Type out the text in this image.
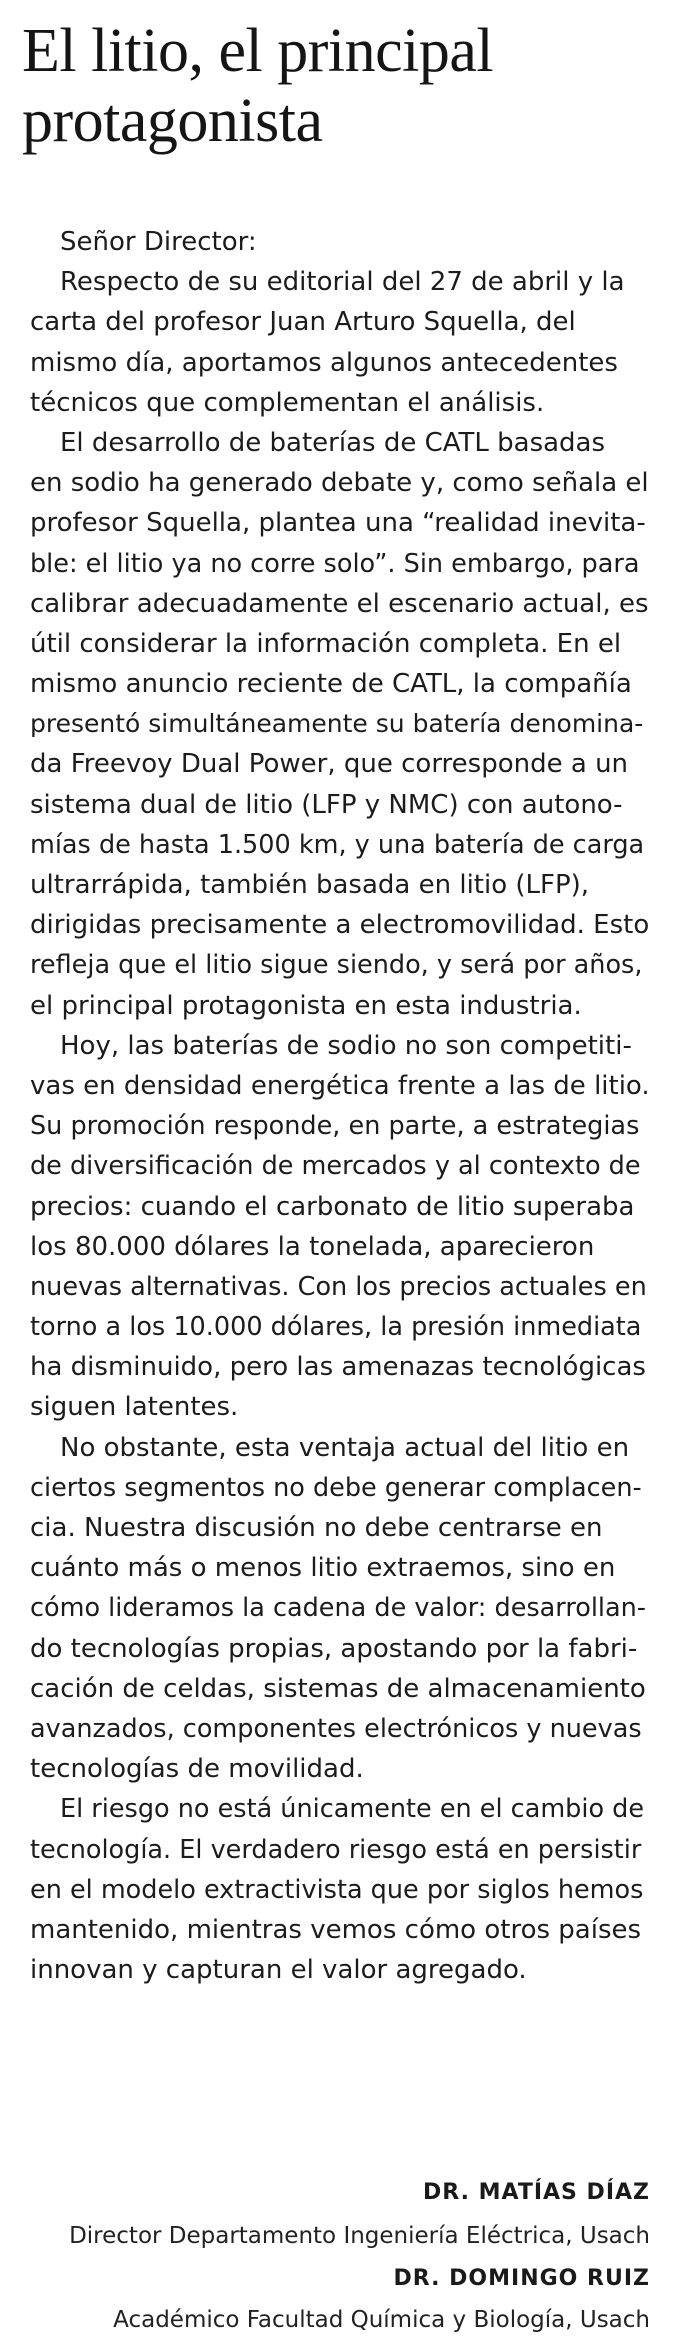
El litio, el principal
protagonista
Señor Director:
Respecto de su editorial del 27 de abril y la
carta del profesor Juan Arturo Squella, del
mismo día, aportamos algunos antecedentes
técnicos que complementan el análisis.
El desarrollo de baterías de CATL basadas
en sodio ha generado debate y, como señala el
profesor Squella, plantea una “realidad inevita-
ble: el litio ya no corre solo”. Sin embargo, para
calibrar adecuadamente el escenario actual, es
útil considerar la información completa. En el
mismo anuncio reciente de CATL, la compañía
presentó simultáneamente su batería denomina-
da Freevoy Dual Power, que corresponde a un
sistema dual de litio (LFP y NMC) con autono-
mías de hasta 1.500 km, y una batería de carga
ultrarrápida, también basada en litio (LFP),
dirigidas precisamente a electromovilidad. Esto
refleja que el litio sigue siendo, y será por años,
el principal protagonista en esta industria.
Hoy, las baterías de sodio no son competiti-
vas en densidad energética frente a las de litio.
Su promoción responde, en parte, a estrategias
de diversificación de mercados y al contexto de
precios: cuando el carbonato de litio superaba
los 80.000 dólares la tonelada, aparecieron
nuevas alternativas. Con los precios actuales en
torno a los 10.000 dólares, la presión inmediata
ha disminuido, pero las amenazas tecnológicas
siguen latentes.
No obstante, esta ventaja actual del litio en
ciertos segmentos no debe generar complacen-
cia. Nuestra discusión no debe centrarse en
cuánto más o menos litio extraemos, sino en
cómo lideramos la cadena de valor: desarrollan-
do tecnologías propias, apostando por la fabri-
cación de celdas, sistemas de almacenamiento
avanzados, componentes electrónicos y nuevas
tecnologías de movilidad.
El riesgo no está únicamente en el cambio de
tecnología. El verdadero riesgo está en persistir
en el modelo extractivista que por siglos hemos
mantenido, mientras vemos cómo otros países
innovan y capturan el valor agregado.
DR. MATÍAS DÍAZ
Director Departamento Ingeniería Eléctrica, Usach
DR. DOMINGO RUIZ
Académico Facultad Química y Biología, Usach
